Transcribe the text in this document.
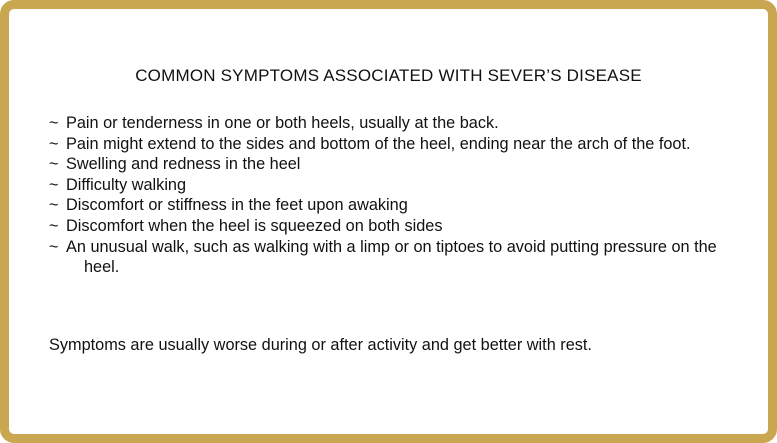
COMMON SYMPTOMS ASSOCIATED WITH SEVER’S DISEASE
~ Pain or tenderness in one or both heels, usually at the back.
~ Pain might extend to the sides and bottom of the heel, ending near the arch of the foot.
~ Swelling and redness in the heel
~ Difficulty walking
~ Discomfort or stiffness in the feet upon awaking
~ Discomfort when the heel is squeezed on both sides
~ An unusual walk, such as walking with a limp or on tiptoes to avoid putting pressure on the heel.

Symptoms are usually worse during or after activity and get better with rest.
